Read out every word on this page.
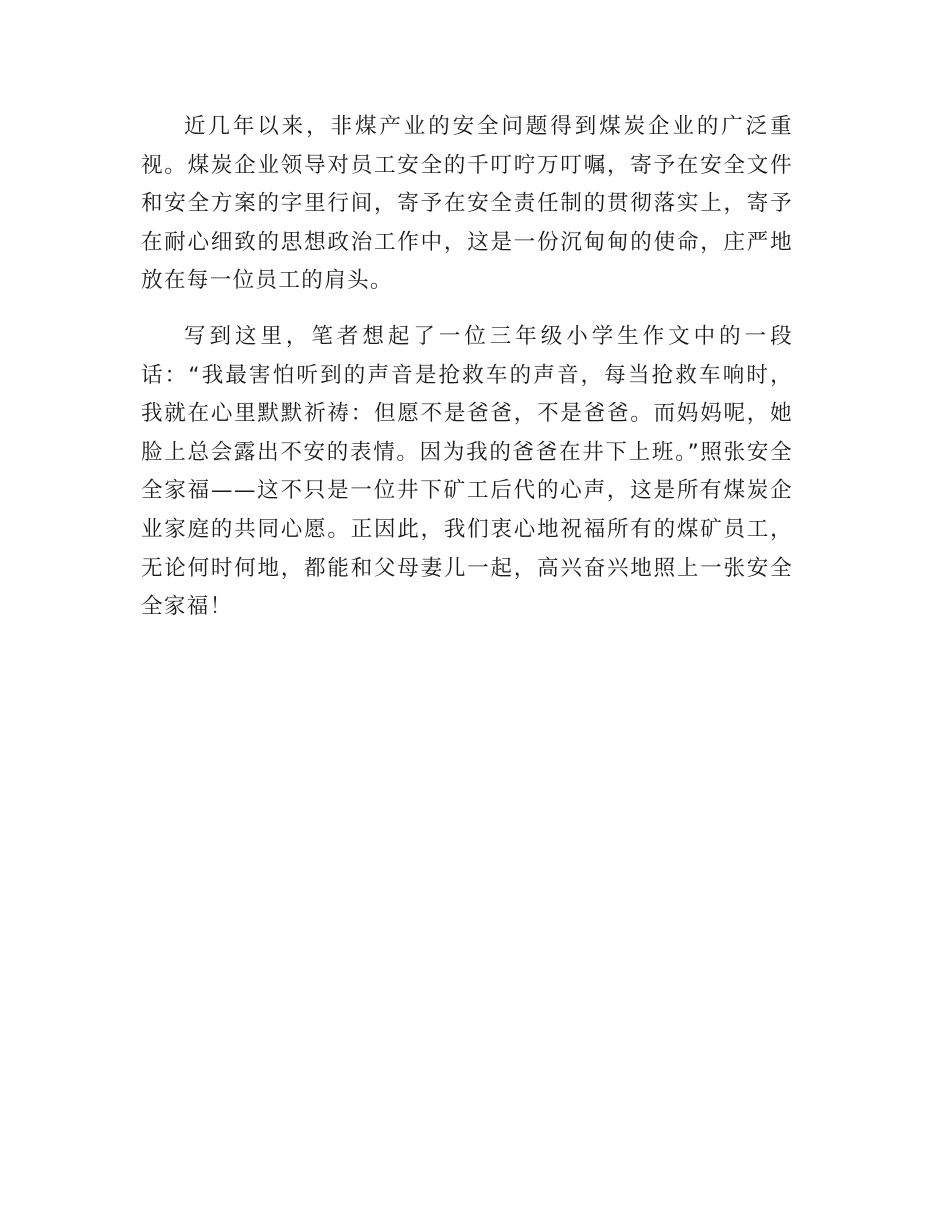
近几年以来，非煤产业的安全问题得到煤炭企业的广泛重视。煤炭企业领导对员工安全的千叮咛万叮嘱，寄予在安全文件和安全方案的字里行间，寄予在安全责任制的贯彻落实上，寄予在耐心细致的思想政治工作中，这是一份沉甸甸的使命，庄严地放在每一位员工的肩头。

写到这里，笔者想起了一位三年级小学生作文中的一段话：“我最害怕听到的声音是抢救车的声音，每当抢救车响时，我就在心里默默祈祷：但愿不是爸爸，不是爸爸。而妈妈呢，她脸上总会露出不安的表情。因为我的爸爸在井下上班。”照张安全全家福——这不只是一位井下矿工后代的心声，这是所有煤炭企业家庭的共同心愿。正因此，我们衷心地祝福所有的煤矿员工，无论何时何地，都能和父母妻儿一起，高兴奋兴地照上一张安全全家福！
